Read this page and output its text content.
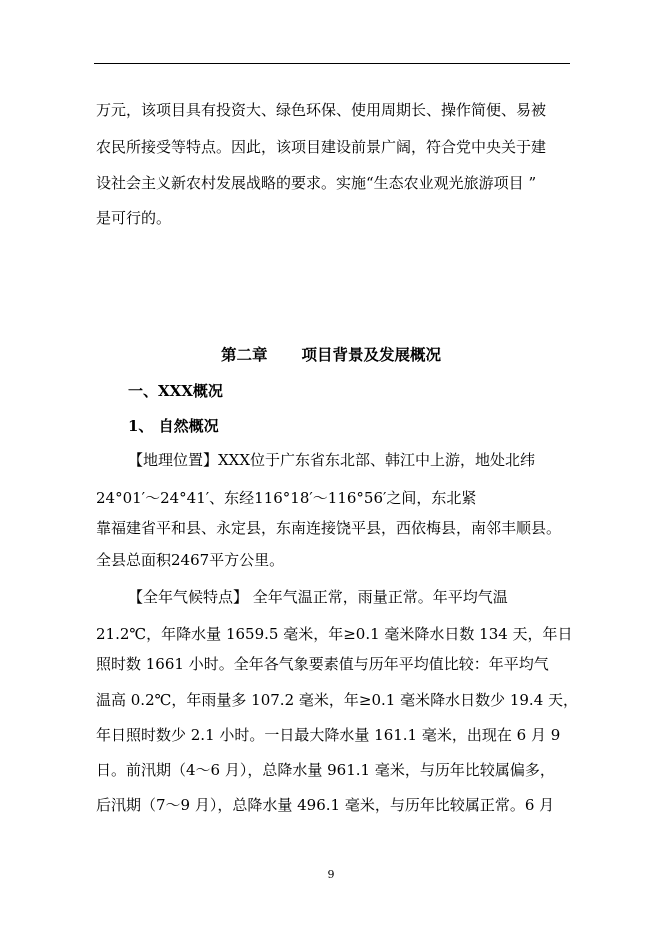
万元，该项目具有投资大、绿色环保、使用周期长、操作简便、易被
农民所接受等特点。因此，该项目建设前景广阔，符合党中央关于建
设社会主义新农村发展战略的要求。实施“生态农业观光旅游项目 ”
是可行的。
第二章 项目背景及发展概况
一、XXX概况
1、 自然概况
【地理位置】XXX位于广东省东北部、韩江中上游，地处北纬
24°01′～24°41′、东经116°18′～116°56′之间，东北紧
靠福建省平和县、永定县，东南连接饶平县，西依梅县，南邻丰顺县。
全县总面积2467平方公里。
【全年气候特点】 全年气温正常，雨量正常。年平均气温
21.2℃，年降水量 1659.5 毫米，年≥0.1 毫米降水日数 134 天，年日
照时数 1661 小时。全年各气象要素值与历年平均值比较：年平均气
温高 0.2℃，年雨量多 107.2 毫米，年≥0.1 毫米降水日数少 19.4 天，
年日照时数少 2.1 小时。一日最大降水量 161.1 毫米，出现在 6 月 9
日。前汛期（4～6 月），总降水量 961.1 毫米，与历年比较属偏多，
后汛期（7～9 月），总降水量 496.1 毫米，与历年比较属正常。6 月
9
